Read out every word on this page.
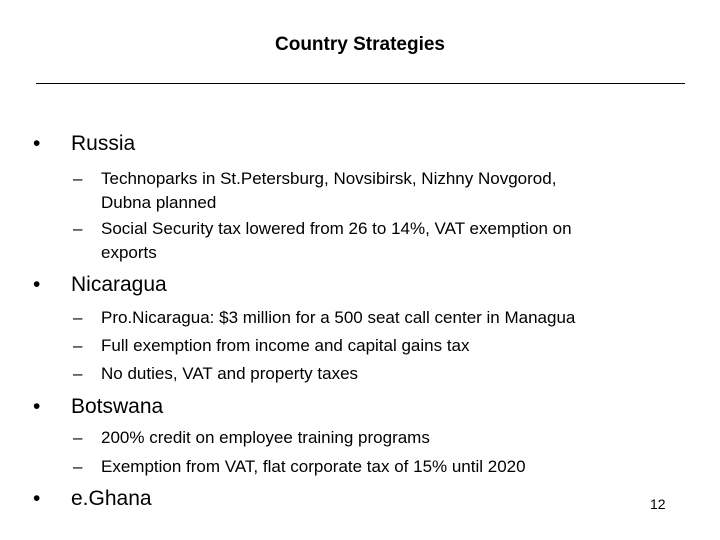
Country Strategies
• Russia
–	Technoparks in St.Petersburg, Novsibirsk, Nizhny Novgorod,
Dubna planned
–	Social Security tax lowered from 26 to 14%, VAT exemption on
exports
• Nicaragua
–	Pro.Nicaragua: $3 million for a 500 seat call center in Managua
–	Full exemption from income and capital gains tax
–	No duties, VAT and property taxes
• Botswana
–	200% credit on employee training programs
–	Exemption from VAT, flat corporate tax of 15% until 2020
• e.Ghana	12
